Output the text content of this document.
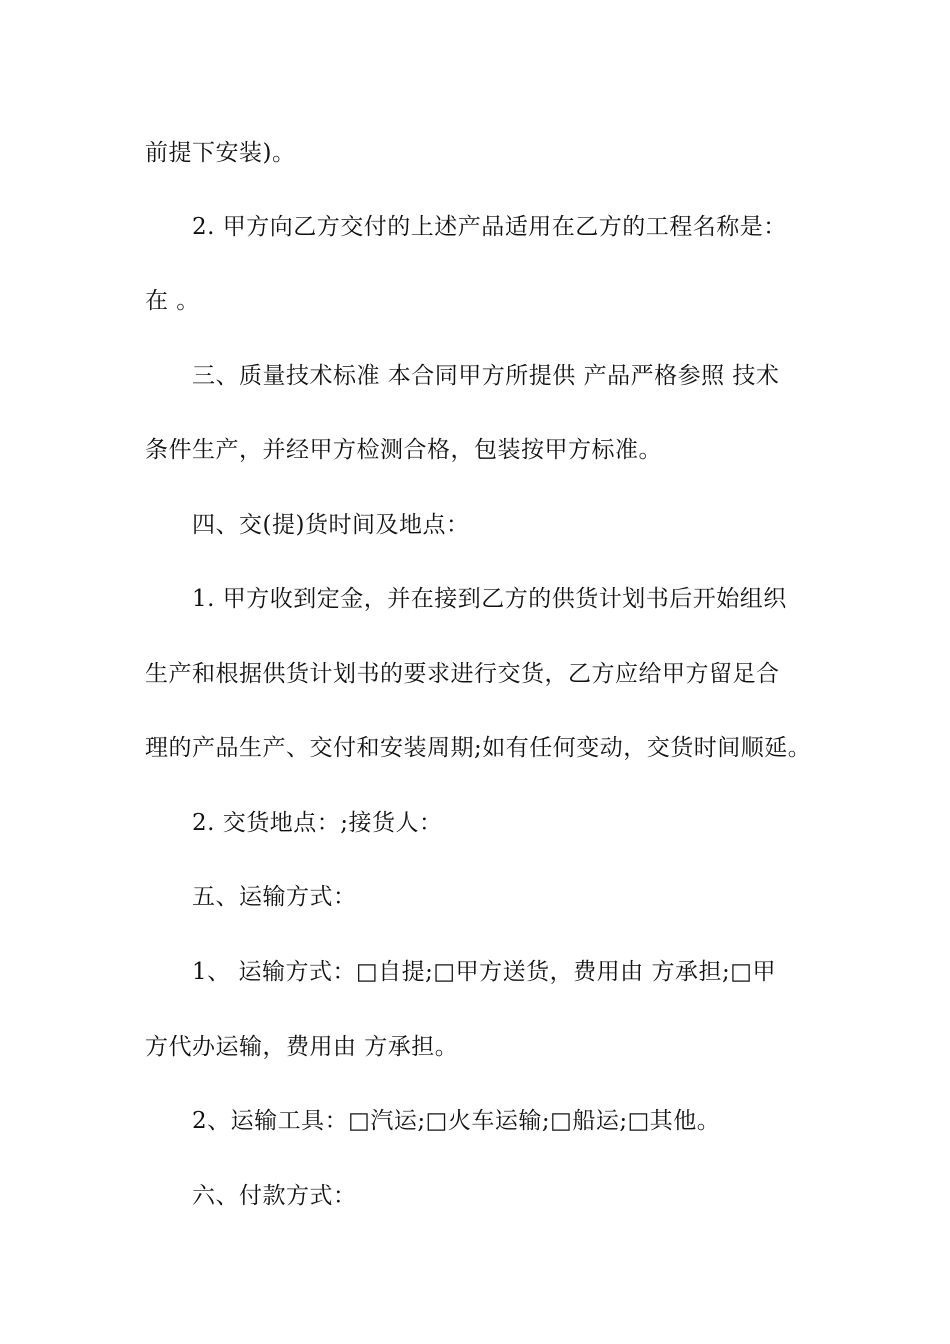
前提下安装)。
2. 甲方向乙方交付的上述产品适用在乙方的工程名称是：
在 。
三、质量技术标准 本合同甲方所提供 产品严格参照 技术
条件生产，并经甲方检测合格，包装按甲方标准。
四、交(提)货时间及地点：
1. 甲方收到定金，并在接到乙方的供货计划书后开始组织
生产和根据供货计划书的要求进行交货，乙方应给甲方留足合
理的产品生产、交付和安装周期;如有任何变动，交货时间顺延。
2. 交货地点：;接货人：
五、运输方式：
1、 运输方式：□自提;□甲方送货，费用由 方承担;□甲
方代办运输，费用由 方承担。
2、运输工具：□汽运;□火车运输;□船运;□其他。
六、付款方式：
